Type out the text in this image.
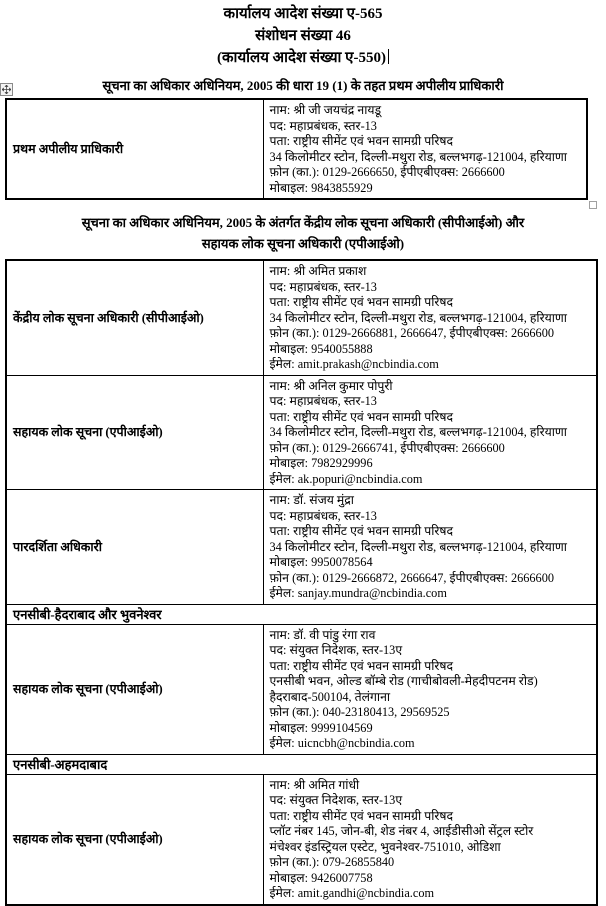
कार्यालय आदेश संख्या ए-565
संशोधन संख्या 46
(कार्यालय आदेश संख्या ए-550)
सूचना का अधिकार अधिनियम, 2005 की धारा 19 (1) के तहत प्रथम अपीलीय प्राधिकारी
प्रथम अपीलीय प्राधिकारी	
नाम: श्री जी जयचंद्र नायडू
पद: महाप्रबंधक, स्तर-13
पता: राष्ट्रीय सीमेंट एवं भवन सामग्री परिषद
34 किलोमीटर स्टोन, दिल्ली-मथुरा रोड, बल्लभगढ़-121004, हरियाणा
फ़ोन (का.): 0129-2666650, ईपीएबीएक्स: 2666600
मोबाइल: 9843855929
सूचना का अधिकार अधिनियम, 2005 के अंतर्गत केंद्रीय लोक सूचना अधिकारी (सीपीआईओ) और
सहायक लोक सूचना अधिकारी (एपीआईओ)
केंद्रीय लोक सूचना अधिकारी (सीपीआईओ)	
नाम: श्री अमित प्रकाश
पद: महाप्रबंधक, स्तर-13
पता: राष्ट्रीय सीमेंट एवं भवन सामग्री परिषद
34 किलोमीटर स्टोन, दिल्ली-मथुरा रोड, बल्लभगढ़-121004, हरियाणा
फ़ोन (का.): 0129-2666881, 2666647, ईपीएबीएक्स: 2666600
मोबाइल: 9540055888
ईमेल: amit.prakash@ncbindia.com

सहायक लोक सूचना (एपीआईओ)	
नाम: श्री अनिल कुमार पोपुरी
पद: महाप्रबंधक, स्तर-13
पता: राष्ट्रीय सीमेंट एवं भवन सामग्री परिषद
34 किलोमीटर स्टोन, दिल्ली-मथुरा रोड, बल्लभगढ़-121004, हरियाणा
फ़ोन (का.): 0129-2666741, ईपीएबीएक्स: 2666600
मोबाइल: 7982929996
ईमेल: ak.popuri@ncbindia.com

पारदर्शिता अधिकारी	
नाम: डॉ. संजय मुंद्रा
पद: महाप्रबंधक, स्तर-13
पता: राष्ट्रीय सीमेंट एवं भवन सामग्री परिषद
34 किलोमीटर स्टोन, दिल्ली-मथुरा रोड, बल्लभगढ़-121004, हरियाणा
मोबाइल: 9950078564
फ़ोन (का.): 0129-2666872, 2666647, ईपीएबीएक्स: 2666600
ईमेल: sanjay.mundra@ncbindia.com

एनसीबी-हैदराबाद और भुवनेश्वर	
सहायक लोक सूचना (एपीआईओ)	
नाम: डॉ. वी पांडु रंगा राव
पद: संयुक्त निदेशक, स्तर-13ए
पता: राष्ट्रीय सीमेंट एवं भवन सामग्री परिषद
एनसीबी भवन, ओल्ड बॉम्बे रोड (गाचीबोवली-मेहदीपटनम रोड)
हैदराबाद-500104, तेलंगाना
फ़ोन (का.): 040-23180413, 29569525
मोबाइल: 9999104569
ईमेल: uicncbh@ncbindia.com

एनसीबी-अहमदाबाद	
सहायक लोक सूचना (एपीआईओ)	
नाम: श्री अमित गांधी
पद: संयुक्त निदेशक, स्तर-13ए
पता: राष्ट्रीय सीमेंट एवं भवन सामग्री परिषद
प्लॉट नंबर 145, जोन-बी, शेड नंबर 4, आईडीसीओ सेंट्रल स्टोर
मंचेश्वर इंडस्ट्रियल एस्टेट, भुवनेश्वर-751010, ओडिशा
फ़ोन (का.): 079-26855840
मोबाइल: 9426007758
ईमेल: amit.gandhi@ncbindia.com
